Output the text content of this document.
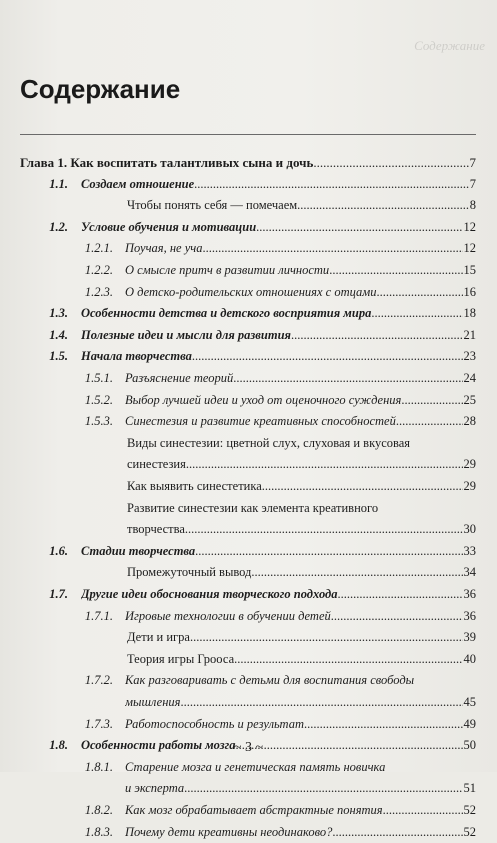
Содержание
Содержание
Глава 1. Как воспитать талантливых сына и дочь .....	7
1.1. Создаем отношение .....	7
Чтобы понять себя — помечаем .....	8
1.2. Условие обучения и мотивации .....	12
1.2.1. Поучая, не уча .....	12
1.2.2. О смысле притч в развитии личности .....	15
1.2.3. О детско-родительских отношениях с отцами .....	16
1.3. Особенности детства и детского восприятия мира .....	18
1.4. Полезные идеи и мысли для развития .....	21
1.5. Начала творчества .....	23
1.5.1. Разъяснение теорий .....	24
1.5.2. Выбор лучшей идеи и уход от оценочного суждения .....	25
1.5.3. Синестезия и развитие креативных способностей .....	28
Виды синестезии: цветной слух, слуховая и вкусовая
синестезия .....	29
Как выявить синестетика .....	29
Развитие синестезии как элемента креативного
творчества .....	30
1.6. Стадии творчества .....	33
Промежуточный вывод .....	34
1.7. Другие идеи обоснования творческого подхода .....	36
1.7.1. Игровые технологии в обучении детей .....	36
Дети и игра .....	39
Теория игры Грооса .....	40
1.7.2. Как разговаривать с детьми для воспитания свободы
мышления .....	45
1.7.3. Работоспособность и результат .....	49
1.8. Особенности работы мозга .....	50
1.8.1. Старение мозга и генетическая память новичка
и эксперта .....	51
1.8.2. Как мозг обрабатывает абстрактные понятия .....	52
1.8.3. Почему дети креативны неодинаково? .....	52
~ 3 ~
